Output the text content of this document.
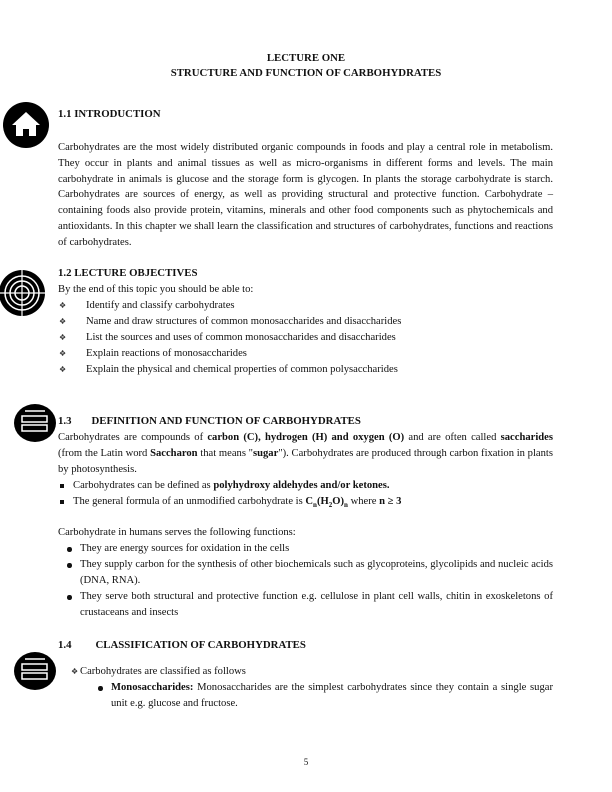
LECTURE ONE
STRUCTURE AND FUNCTION OF CARBOHYDRATES
1.1 INTRODUCTION
Carbohydrates are the most widely distributed organic compounds in foods and play a central role in metabolism. They occur in plants and animal tissues as well as micro-organisms in different forms and levels. The main carbohydrate in animals is glucose and the storage form is glycogen. In plants the storage carbohydrate is starch. Carbohydrates are sources of energy, as well as providing structural and protective function. Carbohydrate –containing foods also provide protein, vitamins, minerals and other food components such as phytochemicals and antioxidants. In this chapter we shall learn the classification and structures of carbohydrates, functions and reactions of carbohydrates.
1.2 LECTURE OBJECTIVES
By the end of this topic you should be able to:
❖ Identify and classify carbohydrates
❖ Name and draw structures of common monosaccharides and disaccharides
❖ List the sources and uses of common monosaccharides and disaccharides
❖ Explain reactions of monosaccharides
❖ Explain the physical and chemical properties of common polysaccharides
1.3 DEFINITION AND FUNCTION OF CARBOHYDRATES
Carbohydrates are compounds of carbon (C), hydrogen (H) and oxygen (O) and are often called saccharides (from the Latin word Saccharon that means "sugar"). Carbohydrates are produced through carbon fixation in plants by photosynthesis.
Carbohydrates can be defined as polyhydroxy aldehydes and/or ketones.
The general formula of an unmodified carbohydrate is $C_n(H_2O)_n$ where n ≥ 3
Carbohydrate in humans serves the following functions:
They are energy sources for oxidation in the cells
They supply carbon for the synthesis of other biochemicals such as glycoproteins, glycolipids and nucleic acids (DNA, RNA).
They serve both structural and protective function e.g. cellulose in plant cell walls, chitin in exoskeletons of crustaceans and insects
1.4 CLASSIFICATION OF CARBOHYDRATES
❖ Carbohydrates are classified as follows
Monosaccharides: Monosaccharides are the simplest carbohydrates since they contain a single sugar unit e.g. glucose and fructose.
5
